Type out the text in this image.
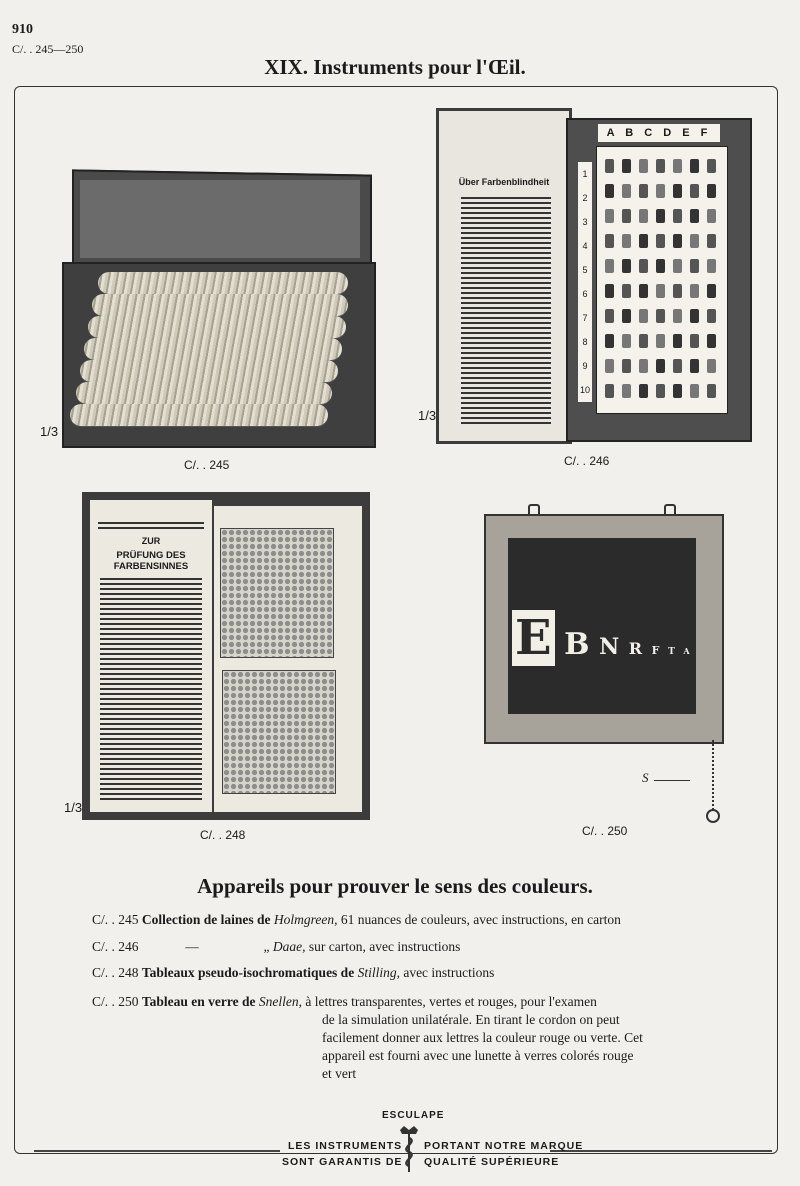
910
C/. . 245—250
XIX. Instruments pour l'Œil.
1/3
C/. . 245
Über Farbenblindheit
A B C D E F
1
2
3
4
5
6
7
8
9
10
1/3
C/. . 246
ZUR
PRÜFUNG DES FARBENSINNES
1/3
C/. . 248
E B N R F T A
S
C/. . 250
Appareils pour prouver le sens des couleurs.
C/. . 245 Collection de laines de Holmgreen, 61 nuances de couleurs, avec instructions, en carton
C/. . 246	—	„ Daae, sur carton, avec instructions
C/. . 248 Tableaux pseudo-isochromatiques de Stilling, avec instructions
C/. . 250 Tableau en verre de Snellen, à lettres transparentes, vertes et rouges, pour l'examen
de la simulation unilatérale. En tirant le cordon on peut
facilement donner aux lettres la couleur rouge ou verte. Cet
appareil est fourni avec une lunette à verres colorés rouge
et vert
ESCULAPE
LES INSTRUMENTS
SONT GARANTIS DE
PORTANT NOTRE MARQUE
QUALITÉ SUPÉRIEURE
